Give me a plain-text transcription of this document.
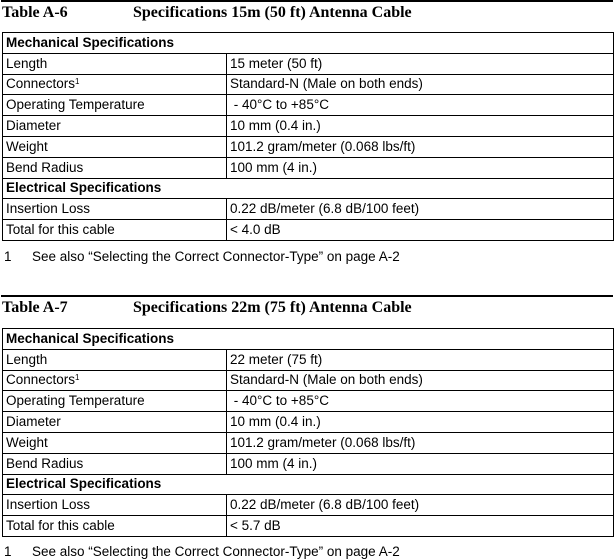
Table A-6	Specifications 15m (50 ft) Antenna Cable
Mechanical Specifications	
Length	15 meter (50 ft)
Connectors$^1$	Standard-N (Male on both ends)
Operating Temperature	- 40°C to +85°C
Diameter	10 mm (0.4 in.)
Weight	101.2 gram/meter (0.068 lbs/ft)
Bend Radius	100 mm (4 in.)
Electrical Specifications	
Insertion Loss	0.22 dB/meter (6.8 dB/100 feet)
Total for this cable	< 4.0 dB
1 See also “Selecting the Correct Connector-Type” on page A-2
Table A-7	Specifications 22m (75 ft) Antenna Cable
Mechanical Specifications	
Length	22 meter (75 ft)
Connectors$^1$	Standard-N (Male on both ends)
Operating Temperature	- 40°C to +85°C
Diameter	10 mm (0.4 in.)
Weight	101.2 gram/meter (0.068 lbs/ft)
Bend Radius	100 mm (4 in.)
Electrical Specifications	
Insertion Loss	0.22 dB/meter (6.8 dB/100 feet)
Total for this cable	< 5.7 dB
1 See also “Selecting the Correct Connector-Type” on page A-2
